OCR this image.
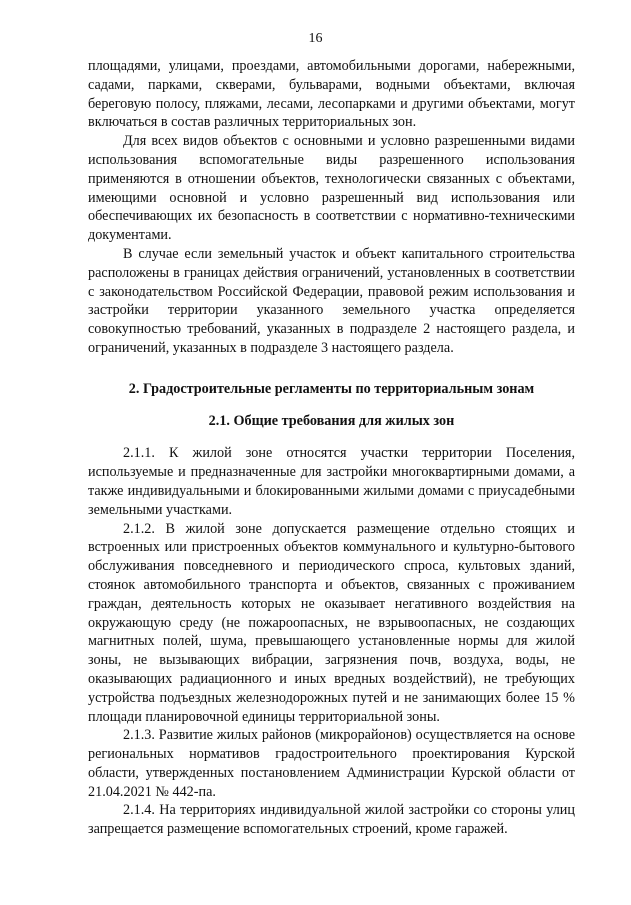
16

площадями, улицами, проездами, автомобильными дорогами, набережными, садами, парками, скверами, бульварами, водными объектами, включая береговую полосу, пляжами, лесами, лесопарками и другими объектами, могут включаться в состав различных территориальных зон.

Для всех видов объектов с основными и условно разрешенными видами использования вспомогательные виды разрешенного использования применяются в отношении объектов, технологически связанных с объектами, имеющими основной и условно разрешенный вид использования или обеспечивающих их безопасность в соответствии с нормативно-техническими документами.

В случае если земельный участок и объект капитального строительства расположены в границах действия ограничений, установленных в соответствии с законодательством Российской Федерации, правовой режим использования и застройки территории указанного земельного участка определяется совокупностью требований, указанных в подразделе 2 настоящего раздела, и ограничений, указанных в подразделе 3 настоящего раздела.

2. Градостроительные регламенты по территориальным зонам

2.1. Общие требования для жилых зон

2.1.1. К жилой зоне относятся участки территории Поселения, используемые и предназначенные для застройки многоквартирными домами, а также индивидуальными и блокированными жилыми домами с приусадебными земельными участками.

2.1.2. В жилой зоне допускается размещение отдельно стоящих и встроенных или пристроенных объектов коммунального и культурно-бытового обслуживания повседневного и периодического спроса, культовых зданий, стоянок автомобильного транспорта и объектов, связанных с проживанием граждан, деятельность которых не оказывает негативного воздействия на окружающую среду (не пожароопасных, не взрывоопасных, не создающих магнитных полей, шума, превышающего установленные нормы для жилой зоны, не вызывающих вибрации, загрязнения почв, воздуха, воды, не оказывающих радиационного и иных вредных воздействий), не требующих устройства подъездных железнодорожных путей и не занимающих более 15 % площади планировочной единицы территориальной зоны.

2.1.3. Развитие жилых районов (микрорайонов) осуществляется на основе региональных нормативов градостроительного проектирования Курской области, утвержденных постановлением Администрации Курской области от 21.04.2021 № 442-па.

2.1.4. На территориях индивидуальной жилой застройки со стороны улиц запрещается размещение вспомогательных строений, кроме гаражей.
